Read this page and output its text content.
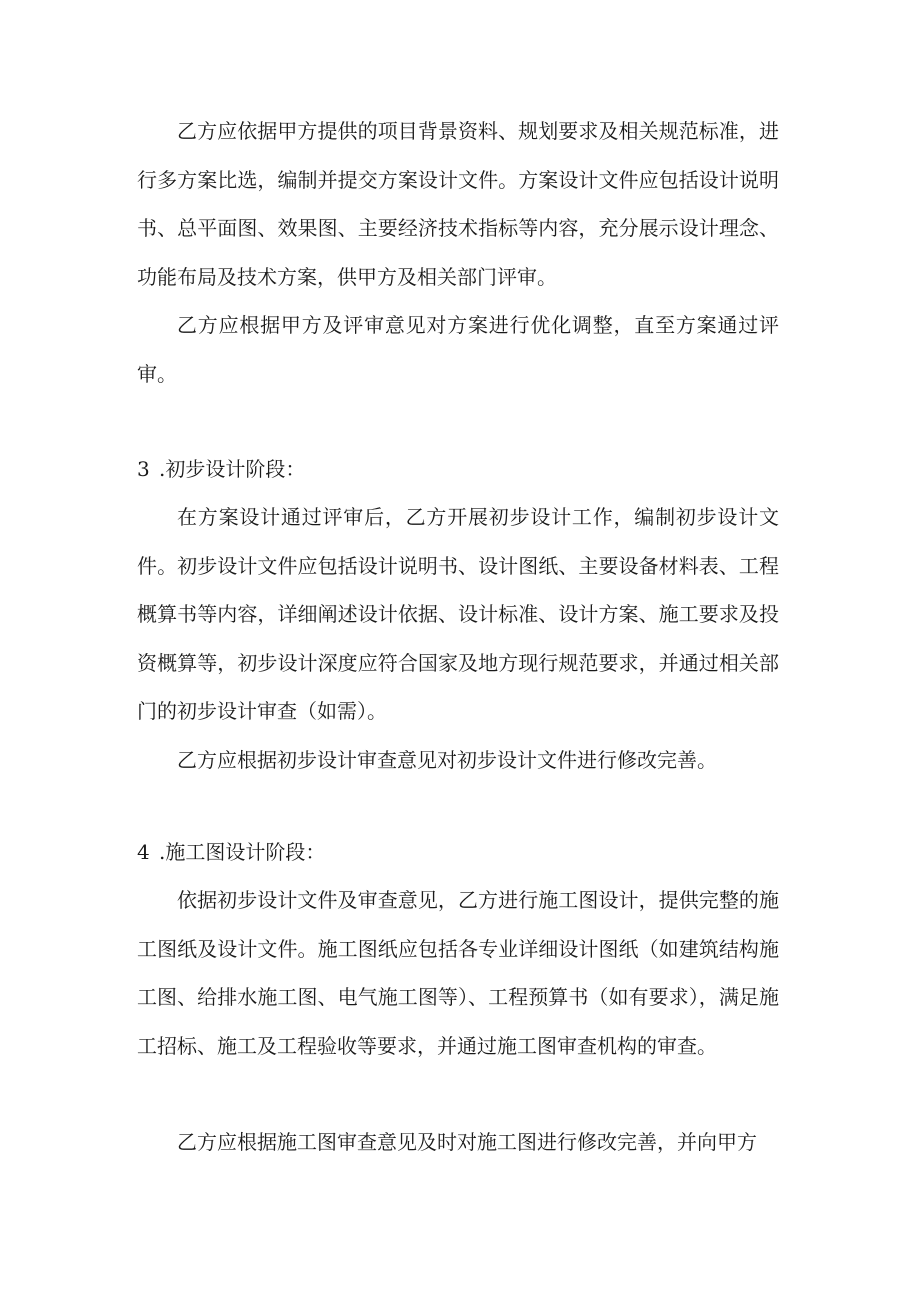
乙方应依据甲方提供的项目背景资料、规划要求及相关规范标准，进行多方案比选，编制并提交方案设计文件。方案设计文件应包括设计说明书、总平面图、效果图、主要经济技术指标等内容，充分展示设计理念、功能布局及技术方案，供甲方及相关部门评审。

乙方应根据甲方及评审意见对方案进行优化调整，直至方案通过评审。

3 .初步设计阶段：

在方案设计通过评审后，乙方开展初步设计工作，编制初步设计文件。初步设计文件应包括设计说明书、设计图纸、主要设备材料表、工程概算书等内容，详细阐述设计依据、设计标准、设计方案、施工要求及投资概算等，初步设计深度应符合国家及地方现行规范要求，并通过相关部门的初步设计审查（如需）。

乙方应根据初步设计审查意见对初步设计文件进行修改完善。

4 .施工图设计阶段：

依据初步设计文件及审查意见，乙方进行施工图设计，提供完整的施工图纸及设计文件。施工图纸应包括各专业详细设计图纸（如建筑结构施工图、给排水施工图、电气施工图等）、工程预算书（如有要求），满足施工招标、施工及工程验收等要求，并通过施工图审查机构的审查。

乙方应根据施工图审查意见及时对施工图进行修改完善，并向甲方
